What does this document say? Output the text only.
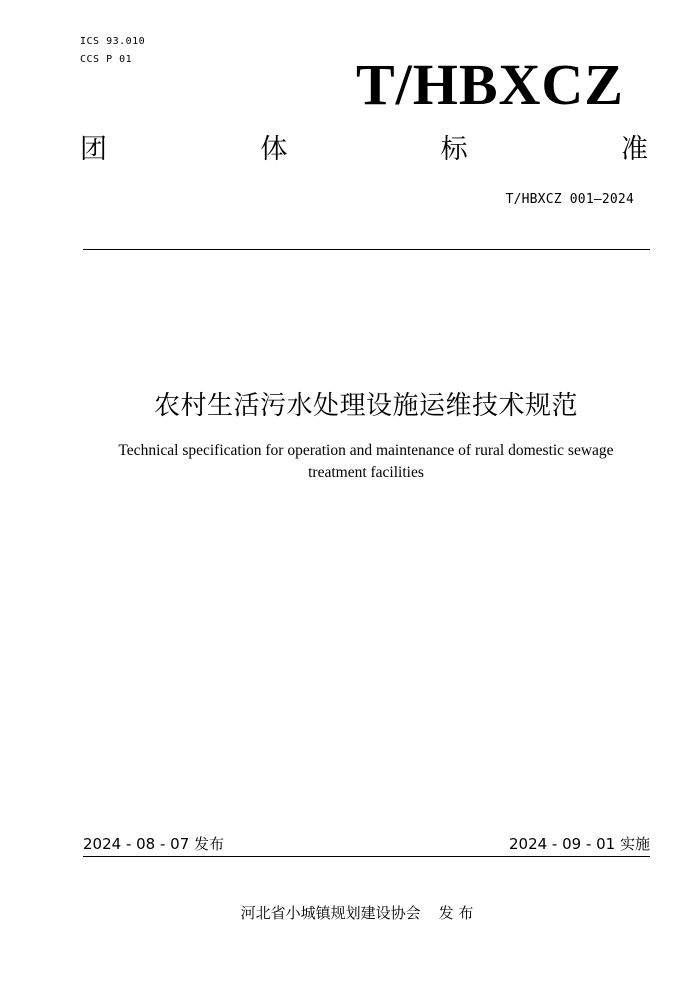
ICS 93.010
CCS P 01	T/HBXCZ
团	体	标	准
T/HBXCZ 001—2024
农村生活污水处理设施运维技术规范
Technical specification for operation and maintenance of rural domestic sewage
treatment facilities
2024 - 08 - 07 发布	2024 - 09 - 01 实施
河北省小城镇规划建设协会 发 布
